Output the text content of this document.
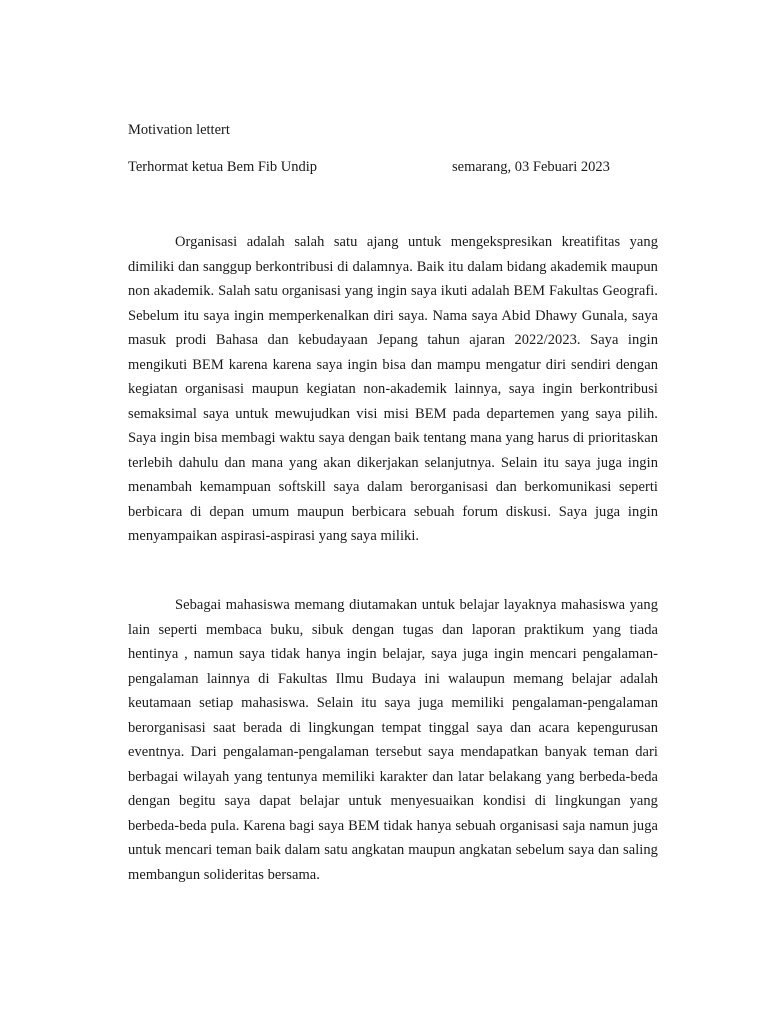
Motivation lettert
Terhormat ketua Bem Fib Undip	semarang, 03 Febuari 2023

Organisasi adalah salah satu ajang untuk mengekspresikan kreatifitas yang dimiliki dan sanggup berkontribusi di dalamnya. Baik itu dalam bidang akademik maupun non akademik. Salah satu organisasi yang ingin saya ikuti adalah BEM Fakultas Geografi. Sebelum itu saya ingin memperkenalkan diri saya. Nama saya Abid Dhawy Gunala, saya masuk prodi Bahasa dan kebudayaan Jepang tahun ajaran 2022/2023. Saya ingin mengikuti BEM karena karena saya ingin bisa dan mampu mengatur diri sendiri dengan kegiatan organisasi maupun kegiatan non-akademik lainnya, saya ingin berkontribusi semaksimal saya untuk mewujudkan visi misi BEM pada departemen yang saya pilih. Saya ingin bisa membagi waktu saya dengan baik tentang mana yang harus di prioritaskan terlebih dahulu dan mana yang akan dikerjakan selanjutnya. Selain itu saya juga ingin menambah kemampuan softskill saya dalam berorganisasi dan berkomunikasi seperti berbicara di depan umum maupun berbicara sebuah forum diskusi. Saya juga ingin menyampaikan aspirasi-aspirasi yang saya miliki.

Sebagai mahasiswa memang diutamakan untuk belajar layaknya mahasiswa yang lain seperti membaca buku, sibuk dengan tugas dan laporan praktikum yang tiada hentinya , namun saya tidak hanya ingin belajar, saya juga ingin mencari pengalaman-pengalaman lainnya di Fakultas Ilmu Budaya ini walaupun memang belajar adalah keutamaan setiap mahasiswa. Selain itu saya juga memiliki pengalaman-pengalaman berorganisasi saat berada di lingkungan tempat tinggal saya dan acara kepengurusan eventnya. Dari pengalaman-pengalaman tersebut saya mendapatkan banyak teman dari berbagai wilayah yang tentunya memiliki karakter dan latar belakang yang berbeda-beda dengan begitu saya dapat belajar untuk menyesuaikan kondisi di lingkungan yang berbeda-beda pula. Karena bagi saya BEM tidak hanya sebuah organisasi saja namun juga untuk mencari teman baik dalam satu angkatan maupun angkatan sebelum saya dan saling membangun solideritas bersama.
